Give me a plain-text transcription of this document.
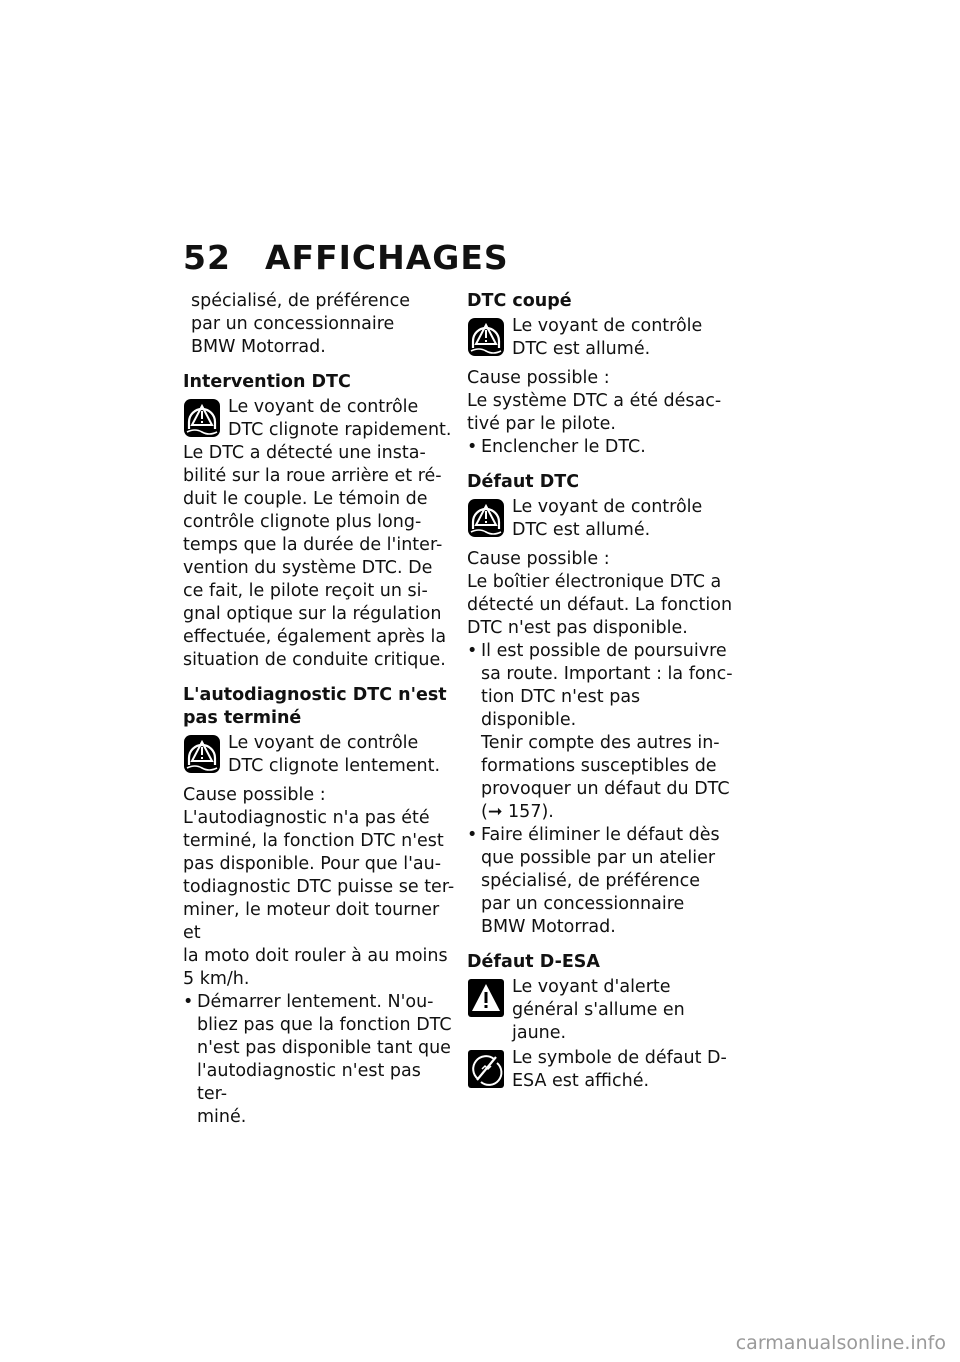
52 AFFICHAGES
spécialisé, de préférence
par un concessionnaire
BMW Motorrad.
Intervention DTC
Le voyant de contrôle DTC clignote rapidement.
Le DTC a détecté une insta-
bilité sur la roue arrière et ré-
duit le couple. Le témoin de
contrôle clignote plus long-
temps que la durée de l'inter-
vention du système DTC. De
ce fait, le pilote reçoit un si-
gnal optique sur la régulation
effectuée, également après la
situation de conduite critique.
L'autodiagnostic DTC n'est
pas terminé
Le voyant de contrôle DTC clignote lentement.
Cause possible :
L'autodiagnostic n'a pas été
terminé, la fonction DTC n'est
pas disponible. Pour que l'au-
todiagnostic DTC puisse se ter-
miner, le moteur doit tourner et
la moto doit rouler à au moins
5 km/h.
• Démarrer lentement. N'ou-
bliez pas que la fonction DTC
n'est pas disponible tant que
l'autodiagnostic n'est pas ter-
miné.
DTC coupé
Le voyant de contrôle DTC est allumé.
Cause possible :
Le système DTC a été désac-
tivé par le pilote.
• Enclencher le DTC.
Défaut DTC
Le voyant de contrôle DTC est allumé.
Cause possible :
Le boîtier électronique DTC a
détecté un défaut. La fonction
DTC n'est pas disponible.
• Il est possible de poursuivre
sa route. Important : la fonc-
tion DTC n'est pas disponible.
Tenir compte des autres in-
formations susceptibles de
provoquer un défaut du DTC
(➞ 157).
• Faire éliminer le défaut dès
que possible par un atelier
spécialisé, de préférence
par un concessionnaire
BMW Motorrad.
Défaut D-ESA
Le voyant d'alerte général s'allume en jaune.
Le symbole de défaut D-ESA est affiché.
carmanualsonline.info
